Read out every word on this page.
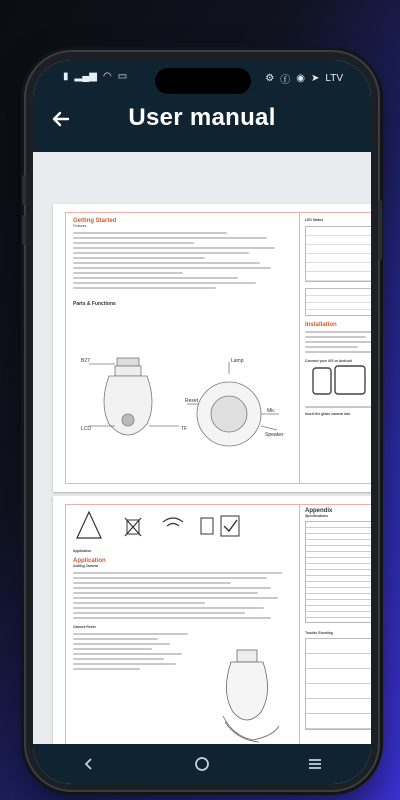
▮ ▂▄▆ ◠ ▭	⚙ ⓕ ◉ ➤ LTV
User manual
Getting Started
Features
Parts & Functions
B27	Lamp
LCD	TF
Reset
Mic
Speaker
LED Status
Installation
Connect your iOS or Android
Insert the globe camera into
Application
Application
Adding Camera
Camera Reset
Appendix
Specifications
Trouble Shooting
